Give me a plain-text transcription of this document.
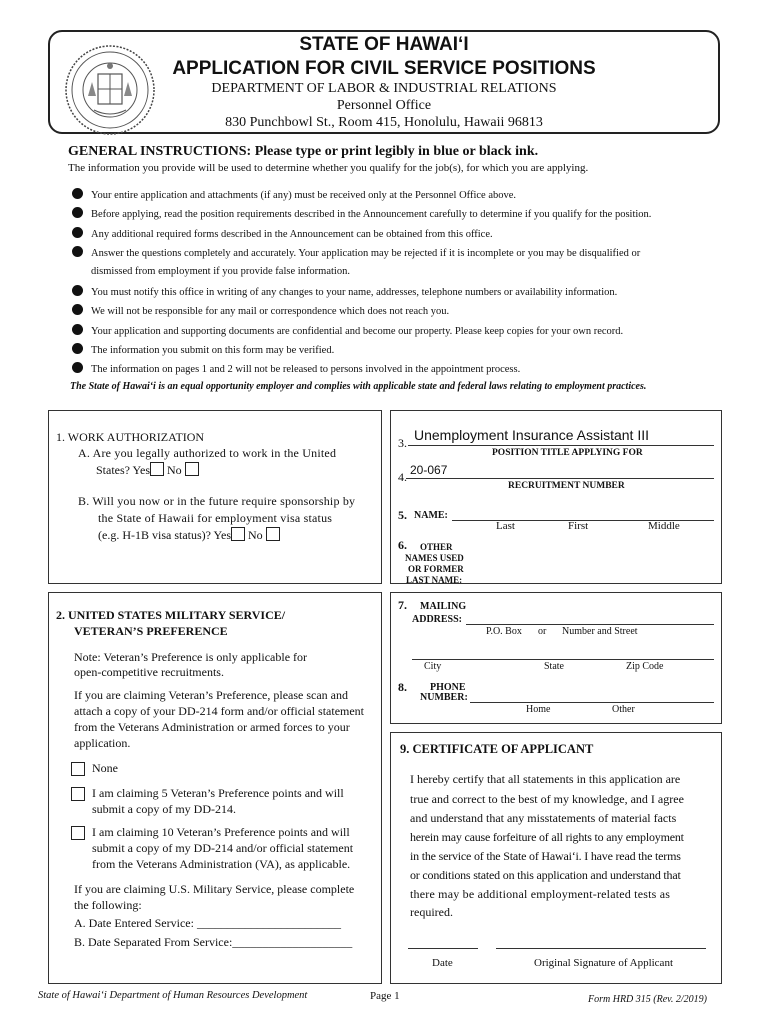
STATE OF HAWAIʻI
APPLICATION FOR CIVIL SERVICE POSITIONS
DEPARTMENT OF LABOR & INDUSTRIAL RELATIONS
Personnel Office
830 Punchbowl St., Room 415, Honolulu, Hawaii 96813
GENERAL INSTRUCTIONS: Please type or print legibly in blue or black ink.
The information you provide will be used to determine whether you qualify for the job(s), for which you are applying.
Your entire application and attachments (if any) must be received only at the Personnel Office above.
Before applying, read the position requirements described in the Announcement carefully to determine if you qualify for the position.
Any additional required forms described in the Announcement can be obtained from this office.
Answer the questions completely and accurately. Your application may be rejected if it is incomplete or you may be disqualified or
dismissed from employment if you provide false information.
You must notify this office in writing of any changes to your name, addresses, telephone numbers or availability information.
We will not be responsible for any mail or correspondence which does not reach you.
Your application and supporting documents are confidential and become our property. Please keep copies for your own record.
The information you submit on this form may be verified.
The information on pages 1 and 2 will not be released to persons involved in the appointment process.
The State of Hawaiʻi is an equal opportunity employer and complies with applicable state and federal laws relating to employment practices.
1. WORK AUTHORIZATION
A. Are you legally authorized to work in the United
States? Yes No
B. Will you now or in the future require sponsorship by
the State of Hawaii for employment visa status
(e.g. H-1B visa status)? Yes No
2. UNITED STATES MILITARY SERVICE/
VETERAN’S PREFERENCE
Note: Veteran’s Preference is only applicable for
open-competitive recruitments.
If you are claiming Veteran’s Preference, please scan and
attach a copy of your DD-214 form and/or official statement
from the Veterans Administration or armed forces to your
application.
None
I am claiming 5 Veteran’s Preference points and will
submit a copy of my DD-214.
I am claiming 10 Veteran’s Preference points and will
submit a copy of my DD-214 and/or official statement
from the Veterans Administration (VA), as applicable.
If you are claiming U.S. Military Service, please complete
the following:
A. Date Entered Service: ________________________
B. Date Separated From Service:____________________
3. Unemployment Insurance Assistant III
POSITION TITLE APPLYING FOR
4. 20-067
RECRUITMENT NUMBER
5. NAME:
Last	First	Middle
6. OTHER
NAMES USED
OR FORMER
LAST NAME:
7. MAILING
ADDRESS:
P.O. Box or Number and Street
City	State	Zip Code
8. PHONE
NUMBER:
Home	Other
9. CERTIFICATE OF APPLICANT
I hereby certify that all statements in this application are
true and correct to the best of my knowledge, and I agree
and understand that any misstatements of material facts
herein may cause forfeiture of all rights to any employment
in the service of the State of Hawaiʻi. I have read the terms
or conditions stated on this application and understand that
there may be additional employment-related tests as
required.
Date	Original Signature of Applicant
State of Hawaiʻi Department of Human Resources Development	Page 1	Form HRD 315 (Rev. 2/2019)
